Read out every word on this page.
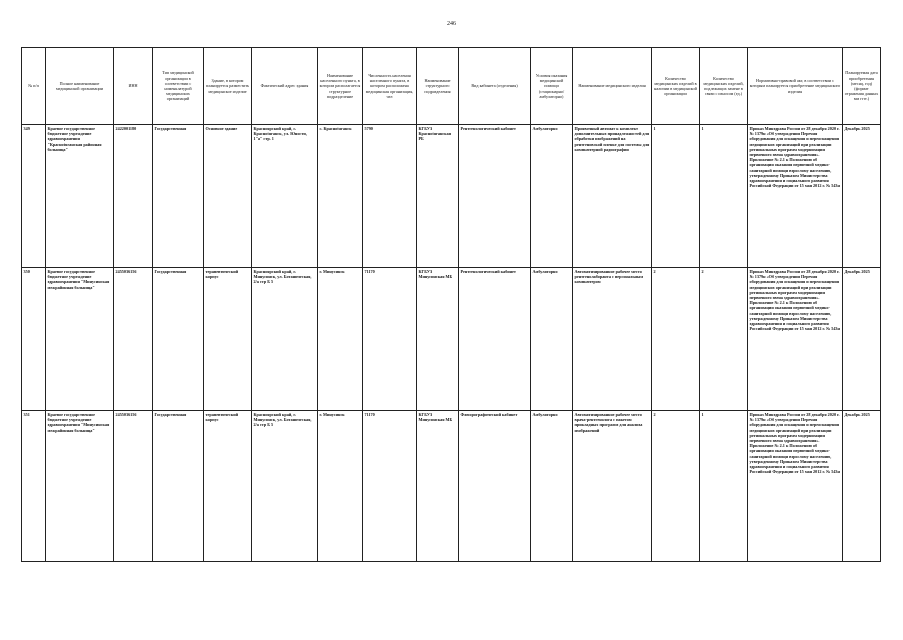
246
№ п/п	Полное наименование медицинской организации	ИНН	Тип медицинской организации в соответствии с номенклатурой медицинских организаций	Здание, в котором планируется разместить медицинское изделие	Фактический адрес здания	Наименование населенного пункта, в котором располагается структурное подразделение	Численность населения населенного пункта, в котором расположена медицинская организация, чел	Наименование структурного подразделения	Вид кабинета (отделения)	Условия оказания медицинской помощи (стационарно/ амбулаторно)	Наименование медицинского изделия	Количество медицинских изделий в наличии в медицинской организации	Количество медицинских изделий, подлежащих замене в связи с износом (ед.)	Нормативно-правовой акт, в соответствии с которым планируется приобретение медицинского изделия	Планируемая дата приобретения (месяц, год) (формат отражения данных мм гггг.)
349	Краевое государственное бюджетное учреждение здравоохранения "Красноturанская районная больница"	2422001180	Государственная	Основное здание	Красноярский край, с. Красноturанск, ул. Юности, 1"а" стр. 1	с. Красноturанск	5790	КГБУЗ Красноturанская РБ	Рентгенологический кабинет	Амбулаторно	Проявочный автомат к комплект дополнительных принадлежностей для обработки изображений на рентгеновской пленке для системы для компьютерной радиографии	1	1	Приказ Минздрава России от 28 декабря 2020 г. № 1379н «Об утверждении Перечня оборудования для оснащения и переоснащения медицинских организаций при реализации региональных программ модернизации первичного звена здравоохранения». Приложение № 2.1 к Положению об организации оказания первичной медико-санитарной помощи взрослому населению, утвержденному Приказом Министерства здравоохранения и социального развития Российской Федерации от 15 мая 2012 г. № 543н	Декабрь 2025
350	Краевое государственное бюджетное учреждение здравоохранения "Минусинская межрайонная больница"	2455036156	Государственная	терапевтический корпус	Красноярский край, г. Минусинск, ул. Ботаническая, 2/а стр Б 5	г. Минусинск	71170	КГБУЗ Минусинская МБ	Рентгенологический кабинет	Амбулаторно	Автоматизированное рабочее место рентгенолаборанта с персональным компьютером	2	2	Приказ Минздрава России от 28 декабря 2020 г. № 1379н «Об утверждении Перечня оборудования для оснащения и переоснащения медицинских организаций при реализации региональных программ модернизации первичного звена здравоохранения». Приложение № 2.1 к Положению об организации оказания первичной медико-санитарной помощи взрослому населению, утвержденному Приказом Министерства здравоохранения и социального развития Российской Федерации от 15 мая 2012 г. № 543н	Декабрь 2025
351	Краевое государственное бюджетное учреждение здравоохранения "Минусинская межрайонная больница"	2455036156	Государственная	терапевтический корпус	Красноярский край, г. Минусинск, ул. Ботаническая, 2/а стр Б 5	г. Минусинск	71170	КГБУЗ Минусинская МБ	Флюорографический кабинет	Амбулаторно	Автоматизированное рабочее место врача-рентгенолога с пакетом прикладных программ для анализа изображений	2	1	Приказ Минздрава России от 28 декабря 2020 г. № 1379н «Об утверждении Перечня оборудования для оснащения и переоснащения медицинских организаций при реализации региональных программ модернизации первичного звена здравоохранения». Приложение № 2.1 к Положению об организации оказания первичной медико-санитарной помощи взрослому населению, утвержденному Приказом Министерства здравоохранения и социального развития Российской Федерации от 15 мая 2012 г. № 543н	Декабрь 2025
